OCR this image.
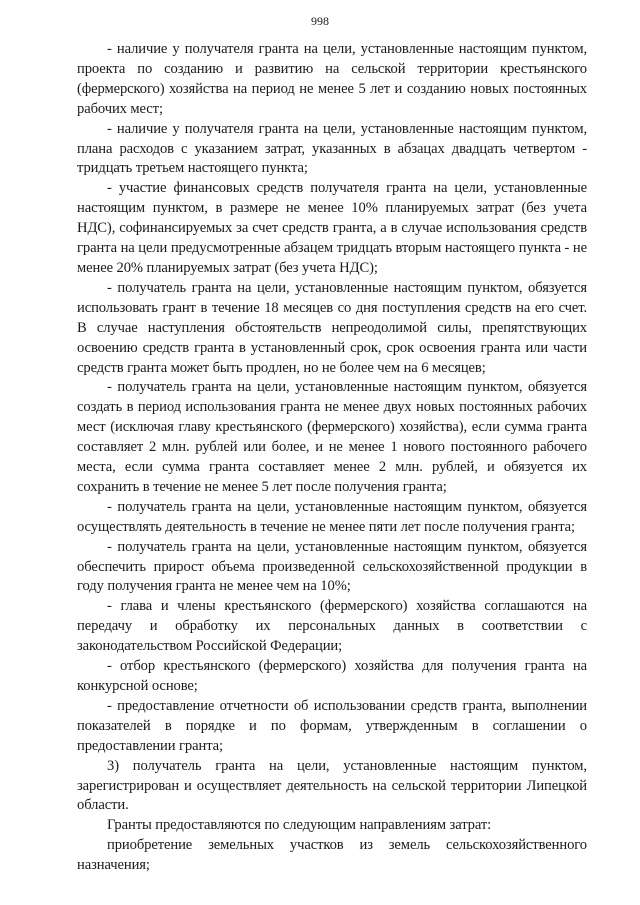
998

- наличие у получателя гранта на цели, установленные настоящим пунктом, проекта по созданию и развитию на сельской территории крестьянского (фермерского) хозяйства на период не менее 5 лет и созданию новых постоянных рабочих мест;

- наличие у получателя гранта на цели, установленные настоящим пунктом, плана расходов с указанием затрат, указанных в абзацах двадцать четвертом - тридцать третьем настоящего пункта;

- участие финансовых средств получателя гранта на цели, установленные настоящим пунктом, в размере не менее 10% планируемых затрат (без учета НДС), софинансируемых за счет средств гранта, а в случае использования средств гранта на цели предусмотренные абзацем тридцать вторым настоящего пункта - не менее 20% планируемых затрат (без учета НДС);

- получатель гранта на цели, установленные настоящим пунктом, обязуется использовать грант в течение 18 месяцев со дня поступления средств на его счет. В случае наступления обстоятельств непреодолимой силы, препятствующих освоению средств гранта в установленный срок, срок освоения гранта или части средств гранта может быть продлен, но не более чем на 6 месяцев;

- получатель гранта на цели, установленные настоящим пунктом, обязуется создать в период использования гранта не менее двух новых постоянных рабочих мест (исключая главу крестьянского (фермерского) хозяйства), если сумма гранта составляет 2 млн. рублей или более, и не менее 1 нового постоянного рабочего места, если сумма гранта составляет менее 2 млн. рублей, и обязуется их сохранить в течение не менее 5 лет после получения гранта;

- получатель гранта на цели, установленные настоящим пунктом, обязуется осуществлять деятельность в течение не менее пяти лет после получения гранта;

- получатель гранта на цели, установленные настоящим пунктом, обязуется обеспечить прирост объема произведенной сельскохозяйственной продукции в году получения гранта не менее чем на 10%;

- глава и члены крестьянского (фермерского) хозяйства соглашаются на передачу и обработку их персональных данных в соответствии с законодательством Российской Федерации;

- отбор крестьянского (фермерского) хозяйства для получения гранта на конкурсной основе;

- предоставление отчетности об использовании средств гранта, выполнении показателей в порядке и по формам, утвержденным в соглашении о предоставлении гранта;

3) получатель гранта на цели, установленные настоящим пунктом, зарегистрирован и осуществляет деятельность на сельской территории Липецкой области.

Гранты предоставляются по следующим направлениям затрат:

приобретение земельных участков из земель сельскохозяйственного назначения;
